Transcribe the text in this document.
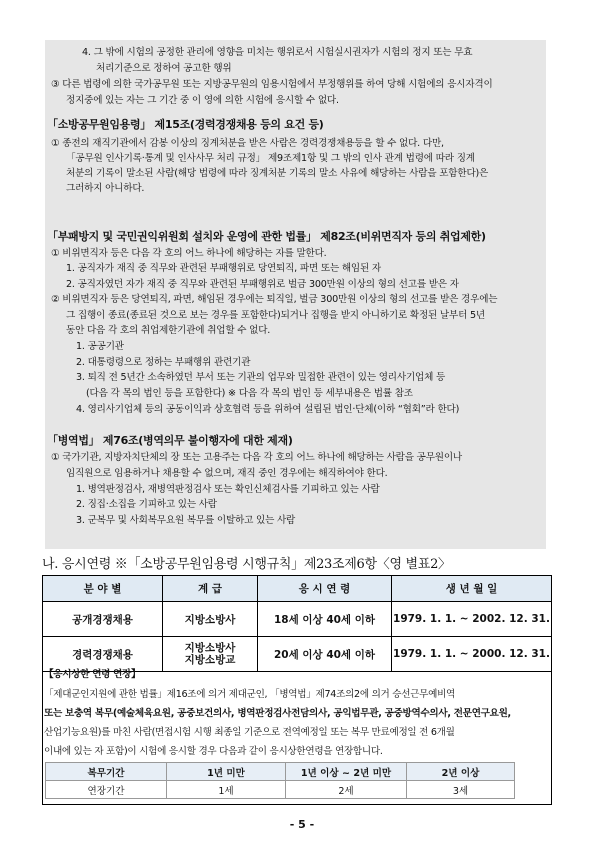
4. 그 밖에 시험의 공정한 관리에 영향을 미치는 행위로서 시험실시권자가 시험의 정지 또는 무효
처리기준으로 정하여 공고한 행위
③ 다른 법령에 의한 국가공무원 또는 지방공무원의 임용시험에서 부정행위를 하여 당해 시험에의 응시자격이
정지중에 있는 자는 그 기간 중 이 영에 의한 시험에 응시할 수 없다.
「소방공무원임용령」 제15조(경력경쟁채용 등의 요건 등)
① 종전의 재직기관에서 감봉 이상의 징계처분을 받은 사람은 경력경쟁채용등을 할 수 없다. 다만,
「공무원 인사기록·통계 및 인사사무 처리 규정」 제9조제1항 및 그 밖의 인사 관계 법령에 따라 징계
처분의 기록이 말소된 사람(해당 법령에 따라 징계처분 기록의 말소 사유에 해당하는 사람을 포함한다)은
그러하지 아니하다.
「부패방지 및 국민권익위원회 설치와 운영에 관한 법률」 제82조(비위면직자 등의 취업제한)
① 비위면직자 등은 다음 각 호의 어느 하나에 해당하는 자를 말한다.
1. 공직자가 재직 중 직무와 관련된 부패행위로 당연퇴직, 파면 또는 해임된 자
2. 공직자였던 자가 재직 중 직무와 관련된 부패행위로 벌금 300만원 이상의 형의 선고를 받은 자
② 비위면직자 등은 당연퇴직, 파면, 해임된 경우에는 퇴직일, 벌금 300만원 이상의 형의 선고를 받은 경우에는
그 집행이 종료(종료된 것으로 보는 경우를 포함한다)되거나 집행을 받지 아니하기로 확정된 날부터 5년
동안 다음 각 호의 취업제한기관에 취업할 수 없다.
1. 공공기관
2. 대통령령으로 정하는 부패행위 관련기관
3. 퇴직 전 5년간 소속하였던 부서 또는 기관의 업무와 밀접한 관련이 있는 영리사기업체 등
(다음 각 목의 법인 등을 포함한다) ※ 다음 각 목의 법인 등 세부내용은 법률 참조
4. 영리사기업체 등의 공동이익과 상호협력 등을 위하여 설립된 법인·단체(이하 “협회”라 한다)
「병역법」 제76조(병역의무 불이행자에 대한 제재)
① 국가기관, 지방자치단체의 장 또는 고용주는 다음 각 호의 어느 하나에 해당하는 사람을 공무원이나
임직원으로 임용하거나 채용할 수 없으며, 재직 중인 경우에는 해직하여야 한다.
1. 병역판정검사, 재병역판정검사 또는 확인신체검사를 기피하고 있는 사람
2. 징집·소집을 기피하고 있는 사람
3. 군복무 및 사회복무요원 복무를 이탈하고 있는 사람
나. 응시연령 ※「소방공무원임용령 시행규칙」제23조제6항〈영 별표2〉
분 야 별	계 급	응 시 연 령	생 년 월 일
공개경쟁채용	지방소방사	18세 이상 40세 이하	1979. 1. 1. ~ 2002. 12. 31.
경력경쟁채용	지방소방사
지방소방교	20세 이상 40세 이하	1979. 1. 1. ~ 2000. 12. 31.
【응시상한 연령 연장】
「제대군인지원에 관한 법률」제16조에 의거 제대군인, 「병역법」제74조의2에 의거 승선근무예비역
또는 보충역 복무(예술체육요원, 공중보건의사, 병역판정검사전담의사, 공익법무관, 공중방역수의사, 전문연구요원,
산업기능요원)를 마친 사람(면접시험 시행 최종일 기준으로 전역예정일 또는 복무 만료예정일 전 6개월
이내에 있는 자 포함)이 시험에 응시할 경우 다음과 같이 응시상한연령을 연장합니다.
복무기간	1년 미만	1년 이상 ~ 2년 미만	2년 이상
연장기간	1세	2세	3세
- 5 -
